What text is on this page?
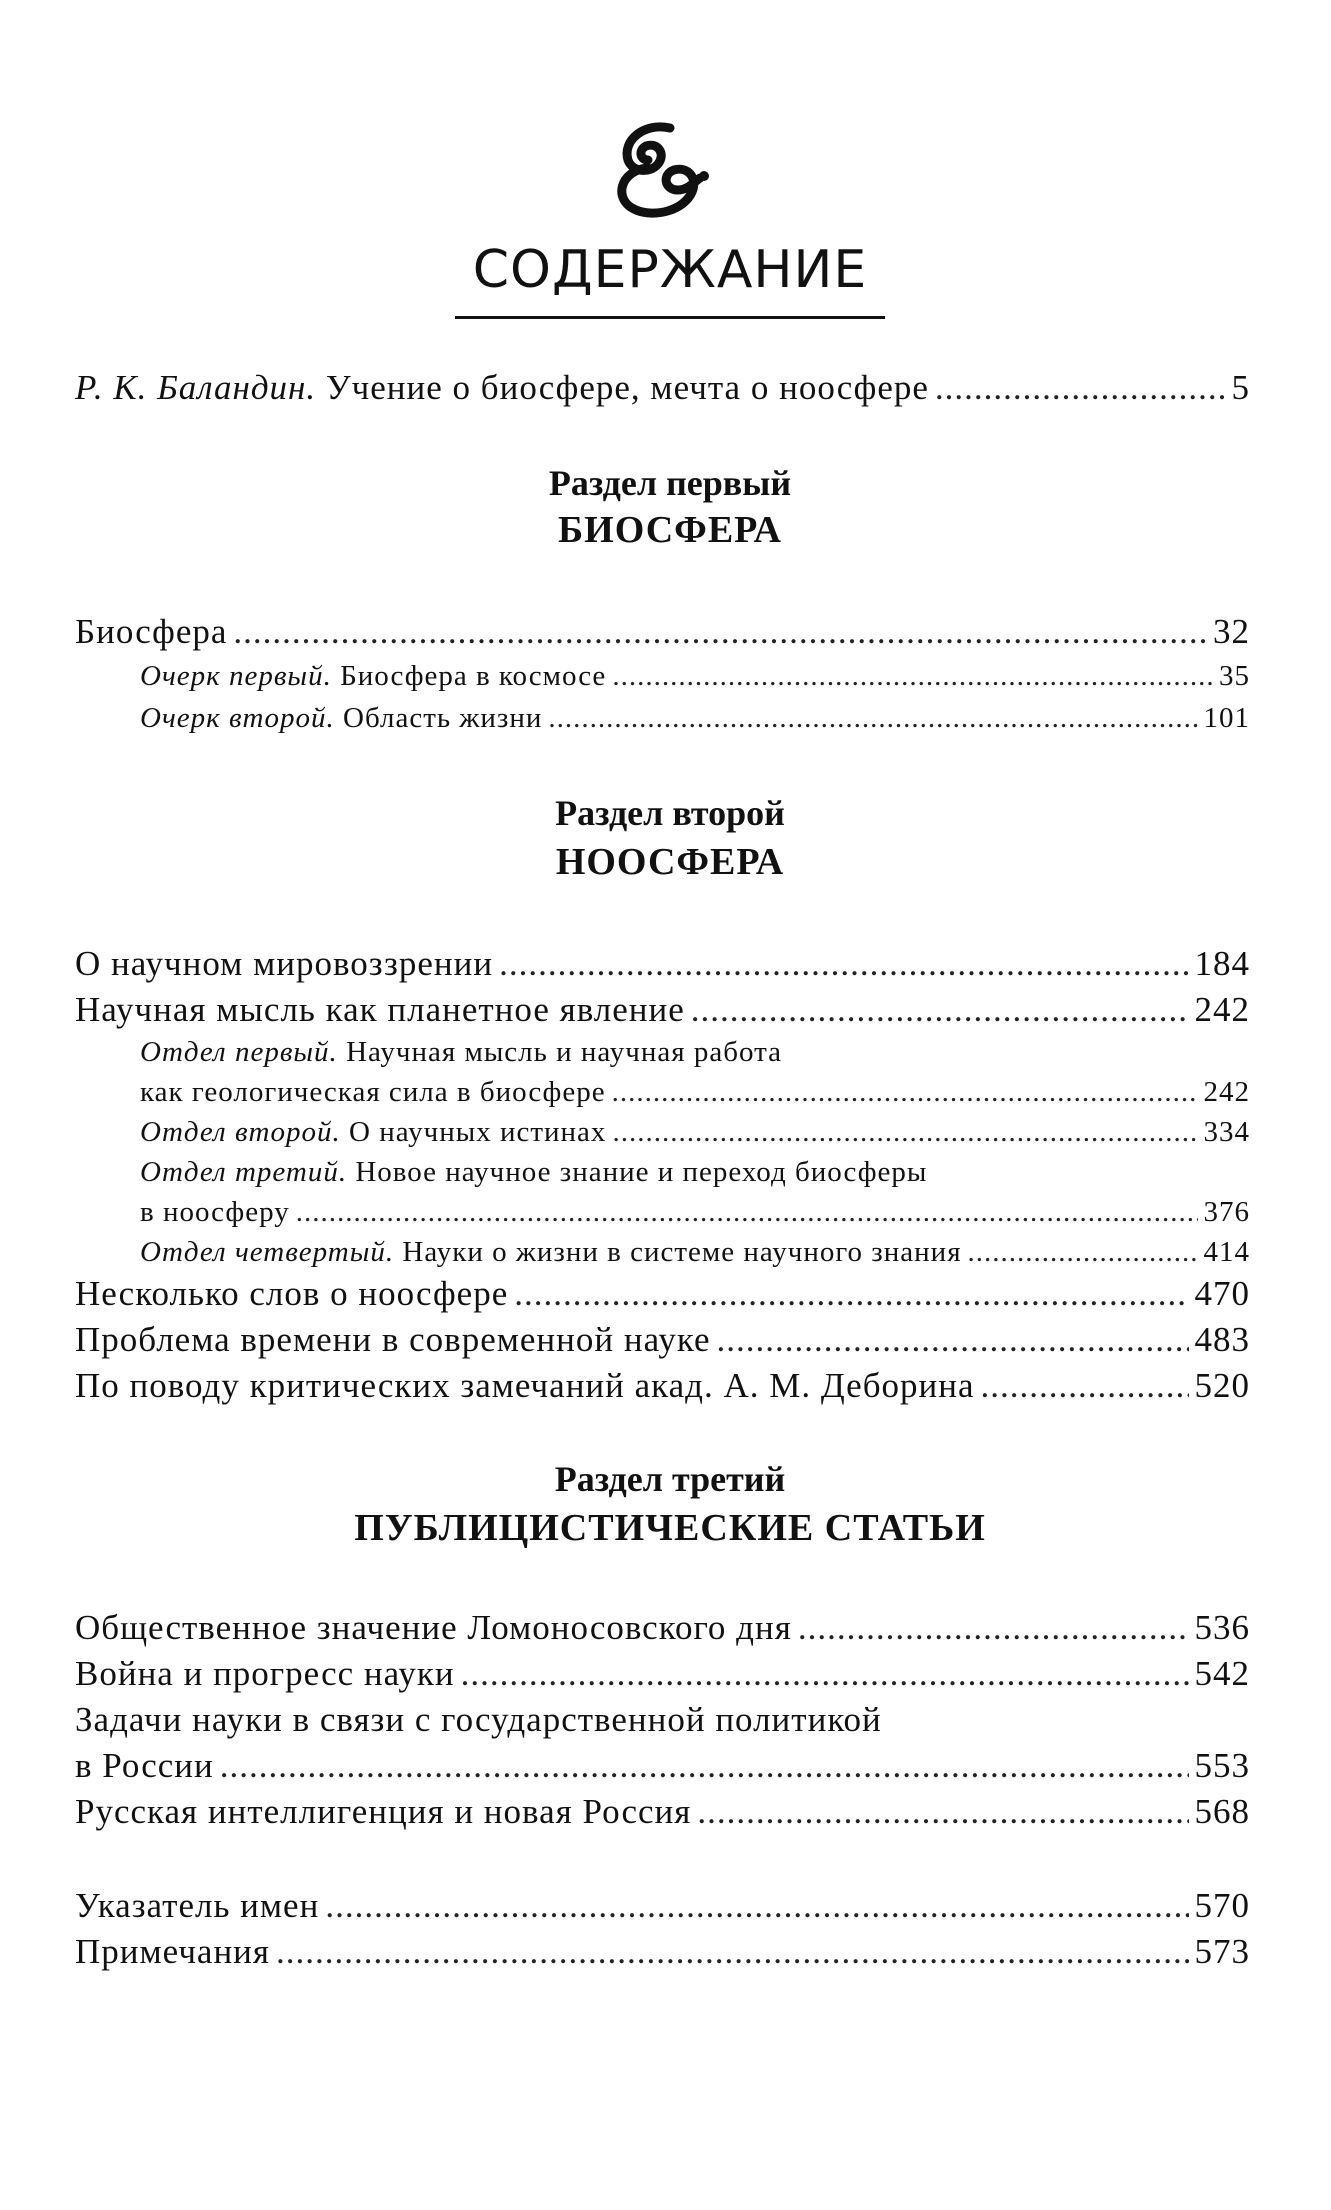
СОДЕРЖАНИЕ
Р. К. Баландин. Учение о биосфере, мечта о ноосфере .....	5
Раздел первый
БИОСФЕРА
Биосфера .....	32
Очерк первый. Биосфера в космосе .....	35
Очерк второй. Область жизни .....	101
Раздел второй
НООСФЕРА
О научном мировоззрении .....	184
Научная мысль как планетное явление .....	242
Отдел первый. Научная мысль и научная работа
как геологическая сила в биосфере .....	242
Отдел второй. О научных истинах .....	334
Отдел третий. Новое научное знание и переход биосферы
в ноосферу .....	376
Отдел четвертый. Науки о жизни в системе научного знания .....	414
Несколько слов о ноосфере .....	470
Проблема времени в современной науке .....	483
По поводу критических замечаний акад. А. М. Деборина .....	520
Раздел третий
ПУБЛИЦИСТИЧЕСКИЕ СТАТЬИ
Общественное значение Ломоносовского дня .....	536
Война и прогресс науки .....	542
Задачи науки в связи с государственной политикой
в России .....	553
Русская интеллигенция и новая Россия .....	568
Указатель имен .....	570
Примечания .....	573
